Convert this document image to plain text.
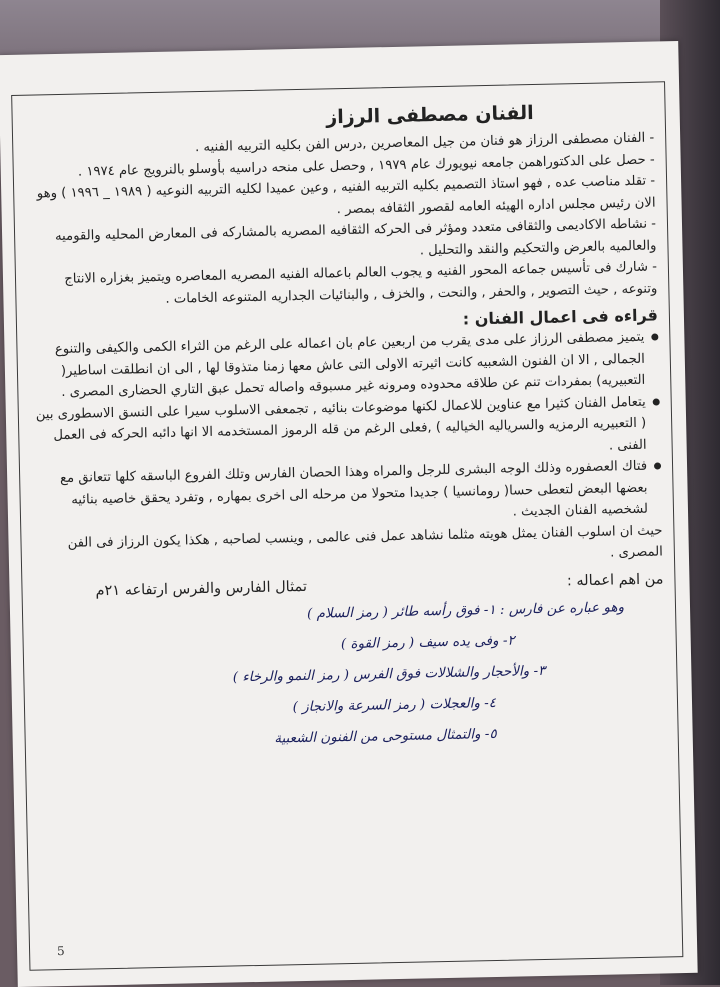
الفنان مصطفى الرزاز

- الفنان مصطفى الرزاز هو فنان من جيل المعاصرين ,درس الفن بكليه التربيه الفنيه .

- حصل على الدكتوراهمن جامعه نيويورك عام ١٩٧٩ , وحصل على منحه دراسيه بأوسلو بالنرويج عام ١٩٧٤ .

- تقلد مناصب عده , فهو استاذ التصميم بكليه التربيه الفنيه , وعين عميدا لكليه التربيه النوعيه ( ١٩٨٩ _ ١٩٩٦ ) وهو الان رئيس مجلس اداره الهيئه العامه لقصور الثقافه بمصر .

- نشاطه الاكاديمى والثقافى متعدد ومؤثر فى الحركه الثقافيه المصريه بالمشاركه فى المعارض المحليه والقوميه والعالميه بالعرض والتحكيم والنقد والتحليل .

- شارك فى تأسيس جماعه المحور الفنيه و يجوب العالم باعماله الفنيه المصريه المعاصره ويتميز بغزاره الانتاج وتنوعه , حيث التصوير , والحفر , والنحت , والخزف , والبنائيات الجداريه المتنوعه الخامات .

قراءه فى اعمال الفنان :
يتميز مصطفى الرزاز على مدى يقرب من اربعين عام بان اعماله على الرغم من الثراء الكمى والكيفى والتنوع الجمالى , الا ان الفنون الشعبيه كانت اثيرته الاولى التى عاش معها زمنا متذوقا لها , الى ان انطلقت اساطير( التعبيريه) بمفردات تنم عن طلاقه محدوده ومرونه غير مسبوقه واصاله تحمل عبق التاري الحضارى المصرى .
يتعامل الفنان كثيرا مع عناوين للاعمال لكنها موضوعات بنائيه , تجمعفى الاسلوب سيرا على النسق الاسطورى بين ( التعبيريه الرمزيه والسرياليه الخياليه ) ,فعلى الرغم من قله الرموز المستخدمه الا انها دائبه الحركه فى العمل الفنى .
فتاك العصفوره وذلك الوجه البشرى للرجل والمراه وهذا الحصان الفارس وتلك الفروع الباسقه كلها تتعانق مع بعضها البعض لتعطى حسا( رومانسيا ) جديدا متحولا من مرحله الى اخرى بمهاره , وتفرد يحقق خاصيه بنائيه لشخصيه الفنان الجديث .

حيث ان اسلوب الفنان يمثل هويته مثلما نشاهد عمل فنى عالمى , وينسب لصاحبه , هكذا يكون الرزاز فى الفن المصرى .

من اهم اعماله :
تمثال الفارس والفرس ارتفاعه ٢١م

وهو عباره عن فارس : ١- فوق رأسه طائر ( رمز السلام )

٢- وفى يده سيف ( رمز القوة )

٣- والأحجار والشلالات فوق الفرس ( رمز النمو والرخاء )

٤- والعجلات ( رمز السرعة والانجاز )

٥- والتمثال مستوحى من الفنون الشعبية

5
